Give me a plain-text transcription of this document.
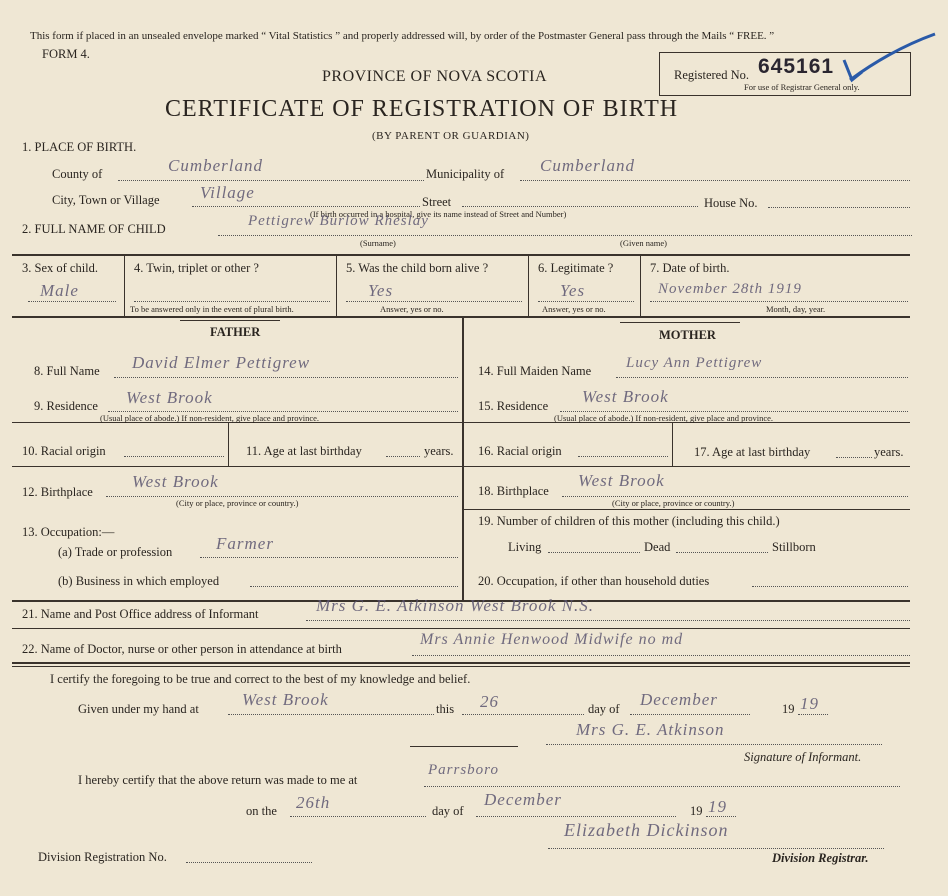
This form if placed in an unsealed envelope marked “ Vital Statistics ” and properly addressed will, by order of the Postmaster General pass through the Mails “ FREE. ”
FORM 4.
PROVINCE OF NOVA SCOTIA
CERTIFICATE OF REGISTRATION OF BIRTH
(BY PARENT OR GUARDIAN)
Registered No. 645161
For use of Registrar General only.
1. PLACE OF BIRTH.
County of	Cumberland	Municipality of Cumberland
City, Town or Village Village	Street	House No.
(If birth occurred in a hospital, give its name instead of Street and Number)
2. FULL NAME OF CHILD	Pettigrew Burlow Rheslay
(Surname)	(Given name)
3. Sex of child.
Male
4. Twin, triplet or other ?
To be answered only in the event of plural birth.
5. Was the child born alive ?
Yes
Answer, yes or no.
6. Legitimate ?
Yes
Answer, yes or no.
7. Date of birth.
November 28th 1919
Month, day, year.
FATHER	MOTHER
8. Full Name David Elmer Pettigrew
9. Residence West Brook
(Usual place of abode.) If non-resident, give place and province.
10. Racial origin	11. Age at last birthday	years.
12. Birthplace
West Brook
(City or place, province or country.)
13. Occupation:—
(a) Trade or profession	Farmer
(b) Business in which employed
14. Full Maiden Name Lucy Ann Pettigrew
15. Residence West Brook
(Usual place of abode.) If non-resident, give place and province.
16. Racial origin	17. Age at last birthday	years.
18. Birthplace
West Brook
(City or place, province or country.)
19. Number of children of this mother (including this child.)
Living	Dead	Stillborn
20. Occupation, if other than household duties
21. Name and Post Office address of Informant	Mrs G. E. Atkinson West Brook N.S.
22. Name of Doctor, nurse or other person in attendance at birth
Mrs Annie Henwood Midwife no md
I certify the foregoing to be true and correct to the best of my knowledge and belief.
Given under my hand at	West Brook	this 26	day of December	19 19
Mrs G. E. Atkinson
Signature of Informant.
I hereby certify that the above return was made to me at
Parrsboro
on the 26th	day of
December
19 19
Division Registration No.
Elizabeth Dickinson
Division Registrar.
